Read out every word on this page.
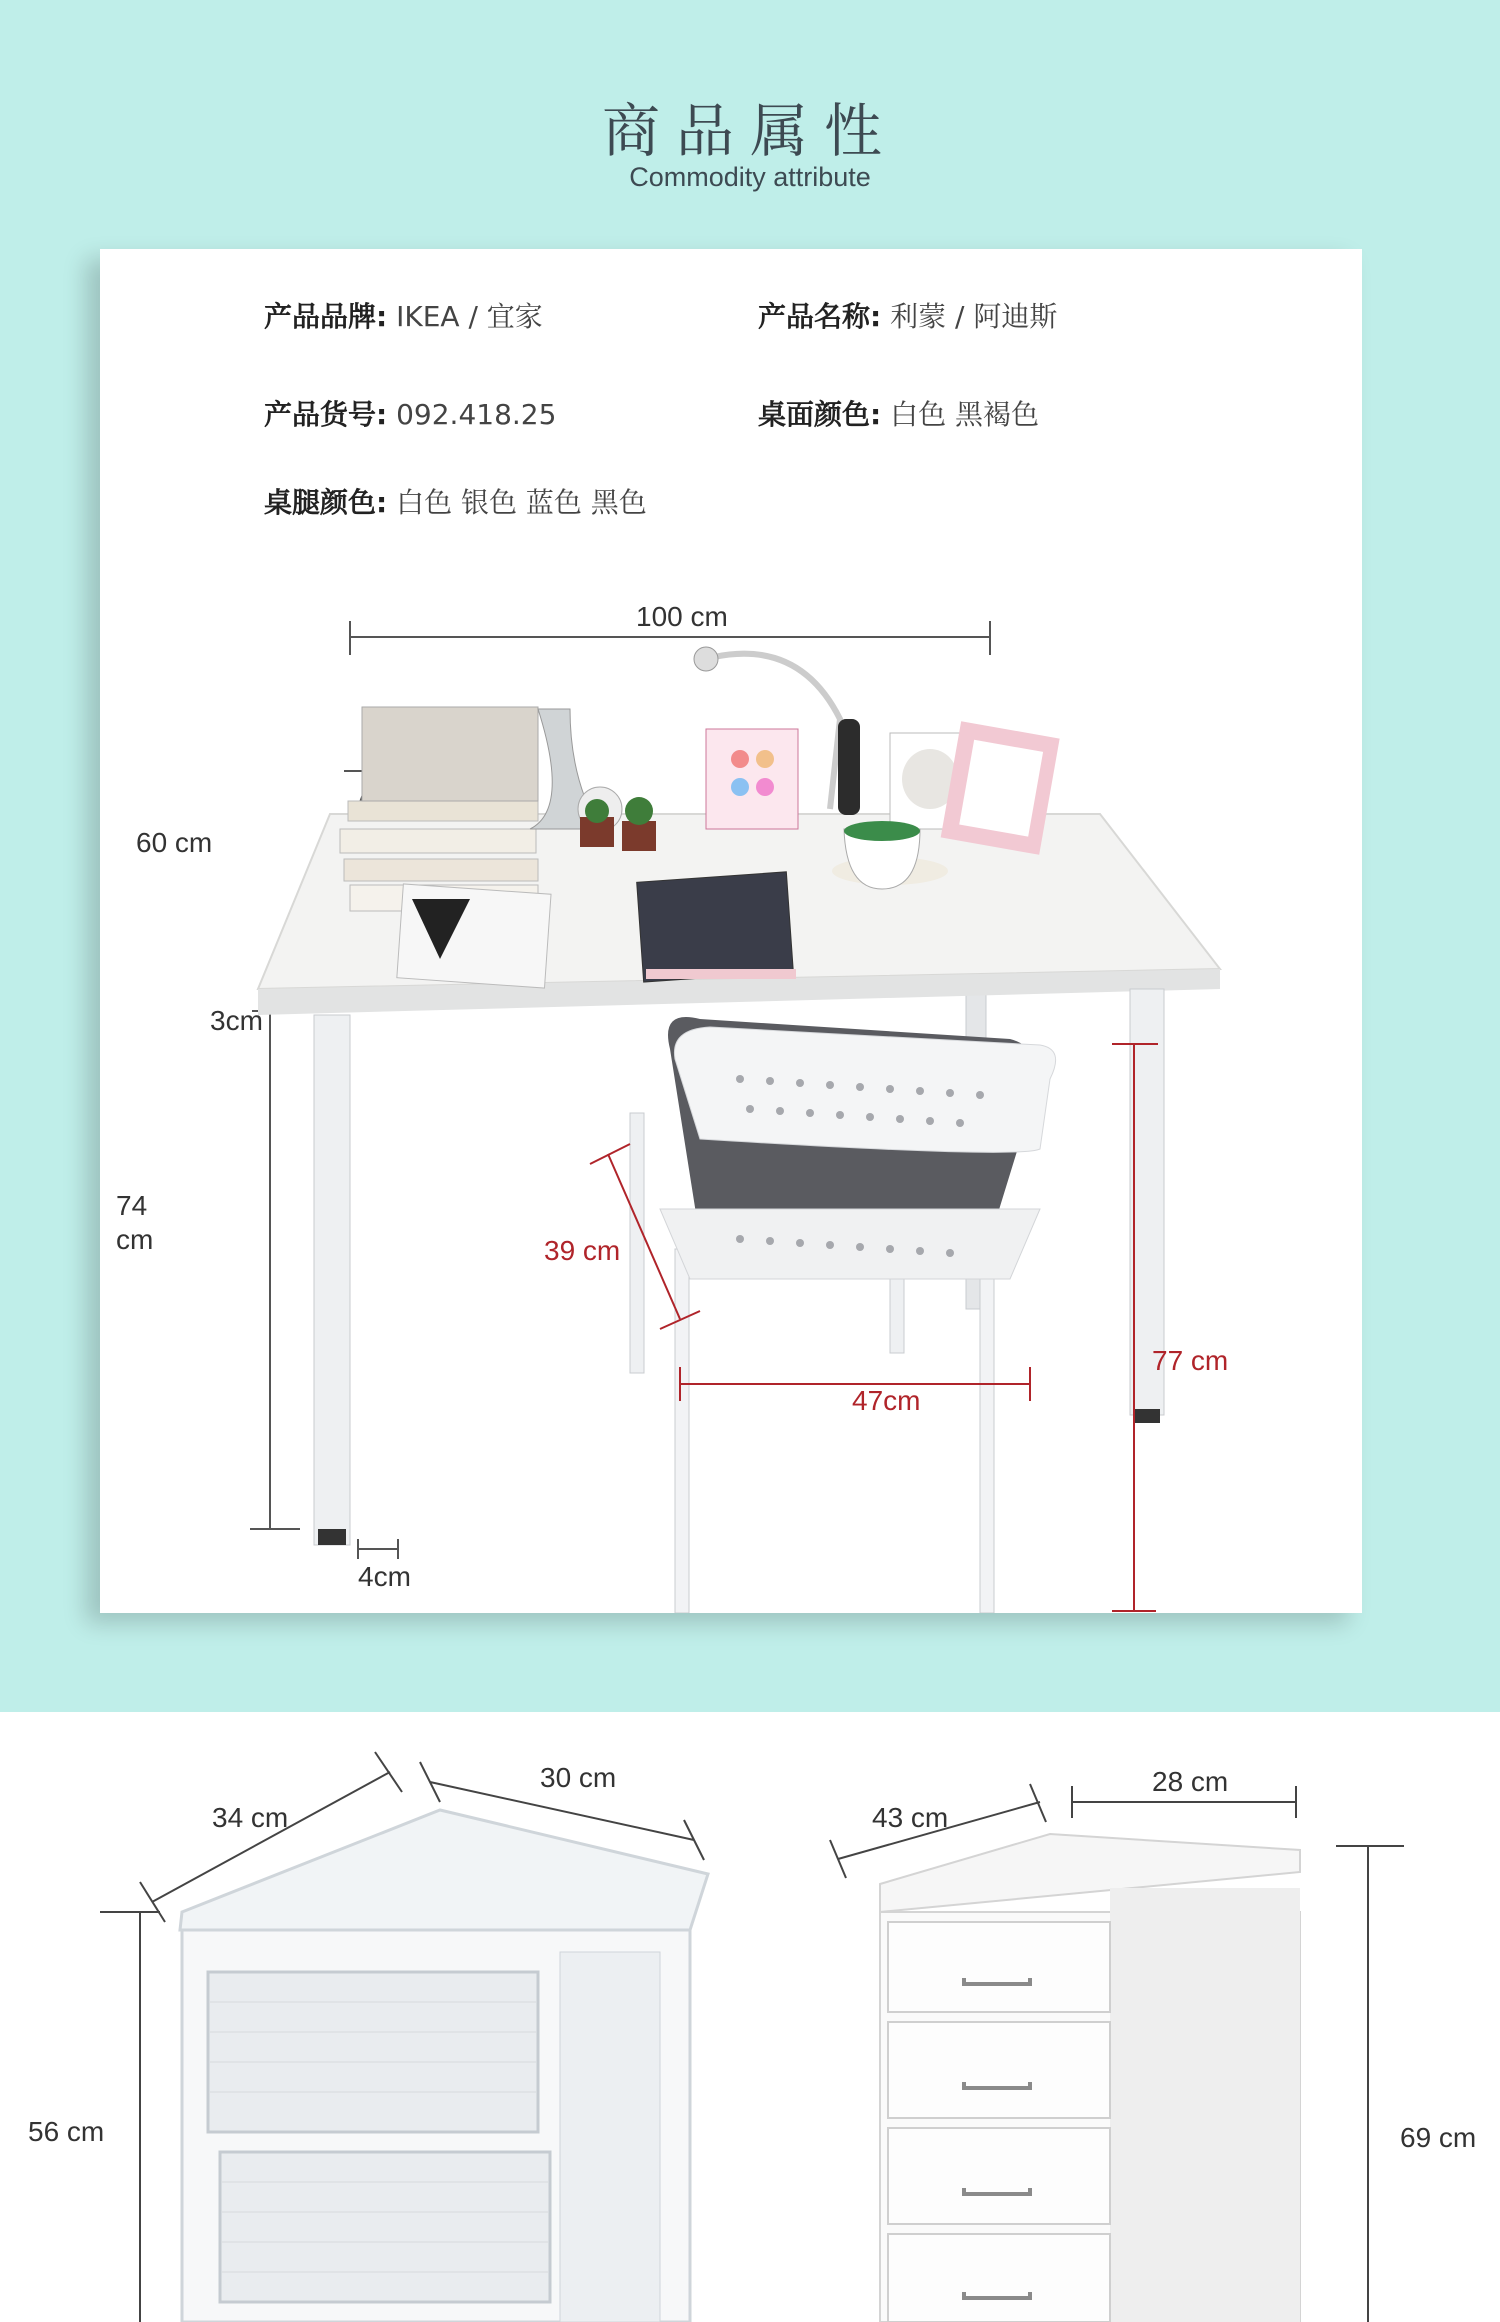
商品属性
Commodity attribute
产品品牌: IKEA / 宜家	产品名称: 利蒙 / 阿迪斯
产品货号: 092.418.25	桌面颜色: 白色 黑褐色
桌腿颜色: 白色 银色 蓝色 黑色
100 cm
60 cm
3cm
74 cm
4cm
39 cm
47cm
77 cm
34 cm
30 cm
56 cm
43 cm
28 cm
69 cm
